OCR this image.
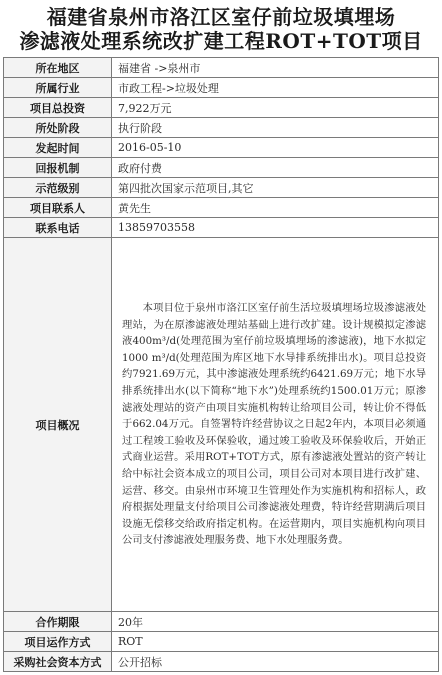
福建省泉州市洛江区室仔前垃圾填埋场
渗滤液处理系统改扩建工程ROT+TOT项目
所在地区	福建省 ->泉州市
所属行业	市政工程->垃圾处理
项目总投资	7,922万元
所处阶段	执行阶段
发起时间	2016-05-10
回报机制	政府付费
示范级别	第四批次国家示范项目,其它
项目联系人	黄先生
联系电话	13859703558
项目概况	本项目位于泉州市洛江区室仔前生活垃圾填埋场垃圾渗滤液处理站，为在原渗滤液处理站基础上进行改扩建。设计规模拟定渗滤液400m³/d(处理范围为室仔前垃圾填埋场的渗滤液)，地下水拟定1000 m³/d(处理范围为库区地下水导排系统排出水)。项目总投资约7921.69万元，其中渗滤液处理系统约6421.69万元；地下水导排系统排出水(以下简称“地下水”)处理系统约1500.01万元；原渗滤液处理站的资产由项目实施机构转让给项目公司，转让价不得低于662.04万元。自签署特许经营协议之日起2年内，本项目必须通过工程竣工验收及环保验收，通过竣工验收及环保验收后，开始正式商业运营。采用ROT+TOT方式，原有渗滤液处置站的资产转让给中标社会资本成立的项目公司，项目公司对本项目进行改扩建、运营、移交。由泉州市环境卫生管理处作为实施机构和招标人，政府根据处理量支付给项目公司渗滤液处理费，特许经营期满后项目设施无偿移交给政府指定机构。在运营期内，项目实施机构向项目公司支付渗滤液处理服务费、地下水处理服务费。

合作期限	20年
项目运作方式	ROT
采购社会资本方式	公开招标
